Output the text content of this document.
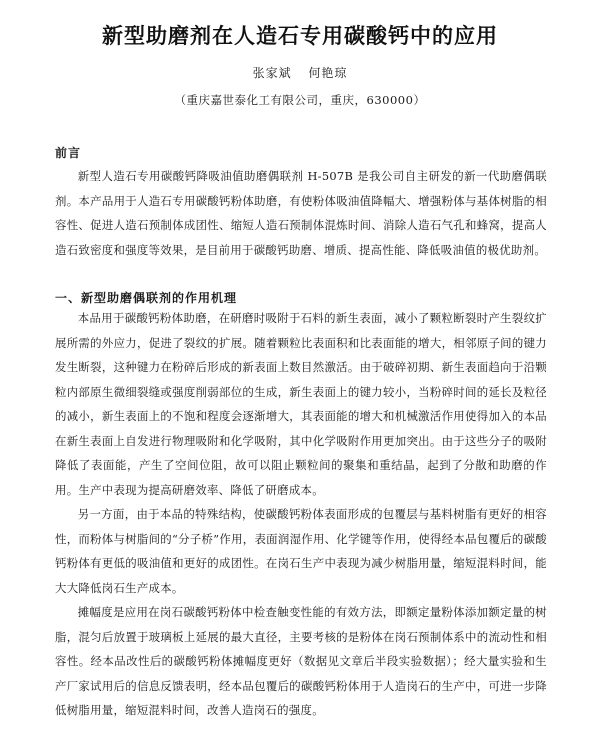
新型助磨剂在人造石专用碳酸钙中的应用
张家斌 何艳琼
（重庆嘉世泰化工有限公司，重庆，630000）
前言

新型人造石专用碳酸钙降吸油值助磨偶联剂 H-507B 是我公司自主研发的新一代助磨偶联剂。本产品用于人造石专用碳酸钙粉体助磨，有使粉体吸油值降幅大、增强粉体与基体树脂的相容性、促进人造石预制体成团性、缩短人造石预制体混炼时间、消除人造石气孔和蜂窝，提高人造石致密度和强度等效果，是目前用于碳酸钙助磨、增质、提高性能、降低吸油值的极优助剂。

一、新型助磨偶联剂的作用机理

本品用于碳酸钙粉体助磨，在研磨时吸附于石料的新生表面，减小了颗粒断裂时产生裂纹扩展所需的外应力，促进了裂纹的扩展。随着颗粒比表面积和比表面能的增大，相邻原子间的键力发生断裂，这种键力在粉碎后形成的新表面上数目然激活。由于破碎初期、新生表面趋向于沿颗粒内部原生微细裂缝或强度削弱部位的生成，新生表面上的键力较小，当粉碎时间的延长及粒径的减小，新生表面上的不饱和程度会逐渐增大，其表面能的增大和机械激活作用使得加入的本品在新生表面上自发进行物理吸附和化学吸附，其中化学吸附作用更加突出。由于这些分子的吸附降低了表面能，产生了空间位阻，故可以阻止颗粒间的聚集和重结晶，起到了分散和助磨的作用。生产中表现为提高研磨效率、降低了研磨成本。

另一方面，由于本品的特殊结构，使碳酸钙粉体表面形成的包覆层与基料树脂有更好的相容性，而粉体与树脂间的“分子桥”作用，表面润湿作用、化学键等作用，使得经本品包覆后的碳酸钙粉体有更低的吸油值和更好的成团性。在岗石生产中表现为减少树脂用量，缩短混料时间，能大大降低岗石生产成本。

摊幅度是应用在岗石碳酸钙粉体中检查触变性能的有效方法，即额定量粉体添加额定量的树脂，混匀后放置于玻璃板上延展的最大直径，主要考核的是粉体在岗石预制体系中的流动性和相容性。经本品改性后的碳酸钙粉体摊幅度更好（数据见文章后半段实验数据）；经大量实验和生产厂家试用后的信息反馈表明，经本品包覆后的碳酸钙粉体用于人造岗石的生产中，可进一步降低树脂用量，缩短混料时间，改善人造岗石的强度。
